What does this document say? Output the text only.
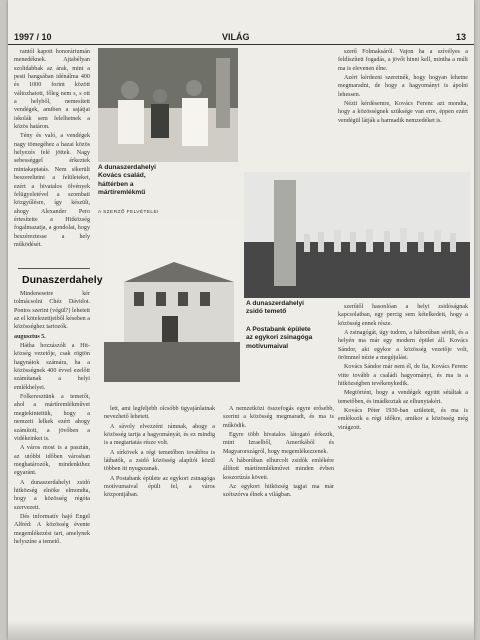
1997 / 10	VILÁG	13

rantól kapott honoráriumán menedéknek. Ajtabélyan szolidabbak az árak, mint a pesti hangsában idénálma 400 és 1000 forint között változhatott, főleg nem s, s ott a helyből, nemesített vendégek, amiben a sajátjai iskolák sem felelhetnek a közös határon.

Tény és való, a vendégek nagy tömegéhez a hazai közös helyezés felé jöttek. Nagy sebességgel érkeztek mintakaptatás. Nem sikerült beszereltetni a felületeket, ezért a hivatalos ölvények felügyeletével a szombati közgyűlésre, így készült, ahogy Alexander Pero értesítette a Hitközség fogalmazatja, a gondolat, hogy beszéreztesse a hely működését.

Dunaszerdahely

Mindenesetre kér tolmácsolni Chéz Dávidot. Pontos szerint (végül?) lehetett az el kötelezettjeiből késeben a közösséghez tartozók.

augusztus 5.

Hátha hozzászólt a Hit-község vezetője, csak rögtön hagynátok számára, ha a közösségnek 400 évvel ezelőtt számítanak a helyi emlékhelyei.

Folkeresztünk a temetőt, ahol a mártíremlékművet megtekintettük, hogy a nemzeti lelkek ezért ahogy számított, a jövőben a vidékeinket is.

A város most is a pasztán, az utóbbi időben városban meghatározók, mindenkihez egyaránt.

A dunaszerdahelyi zsidó hitközség elnöke elmondta, hogy a közösség régóta szervezett.

Dés informatív hajó Engel Alfréd: A közösség évente megemlékezést tart, amelynek helyszíne a temető.

A dunaszerdahelyi Kovács család, háttérben a mártíremlékmű
A SZERZŐ FELVÉTELEI
A dunaszerdahelyi zsidó temető
A Postabank épülete az egykori zsinagóga motívumaival

szerű Folmaksáról. Vajon ha a szívélyes a feldíszített fogadás, a jövőt hinni kell, mintha a múlt ma is elevenen élne.

Azért kérdezni szeretnék, hogy hogyan lehetne megmaradni, de hogy a hagyományt is ápolni lehessen.

Nézti kérdésemre, Kovács Ferenc azt mondta, hogy a közösségnek szüksége van erre, éppen ezért vendégül látják a harmadik nemzedéket is.

lett, ami legfeljebb olcsóbb ügyajánlatnak nevezhető lehetett.

A sávoly elvezzéni rámnak, ahogy a közösség tartja a hagyományát, és ez mindig is a megtartatás része volt.

A sírkövek a régi temetőben továbbra is láthatók, a zsidó közösség alapítói közül többen itt nyugszanak.

A Postabank épülete az egykori zsinagóga motívumaival épült fel, a város központjában.

A nemzetközi összefogás egyre erősebb, szerint a közösség megmaradt, és ma is működik.

Egyre több hivatalos látogató érkezik, mint Izraelből, Amerikából és Magyarországról, hogy megemlékezzenek.

A háborúban elhurcolt zsidók emlékére állított mártíremlékművet minden évben koszorúzás követi.

Az egykori hitközség tagjai ma már szétszórva élnek a világban.

szerűtől hasonlóan a helyi zsidóságnak kapcsolatban, egy percig sem kételkedett, hogy a közösség ennek része.

A zsinagógát, úgy tudom, a háborúban sérült, és a helyén ma már egy modern épület áll. Kovács Sándor, aki egykor a közösség vezetője volt, örömmel nézte a megújulást.

Kovács Sándor már nem él, de fia, Kovács Ferenc vitte tovább a családi hagyományt, és ma is a hitközségben tevékenykedik.

Megtörtént, hogy a vendégek együtt sétáltak a temetőben, és imádkoztak az elhunytakért.

Kovács Péter 1930-ban született, és ma is emlékszik a régi időkre, amikor a közösség még virágzott.
